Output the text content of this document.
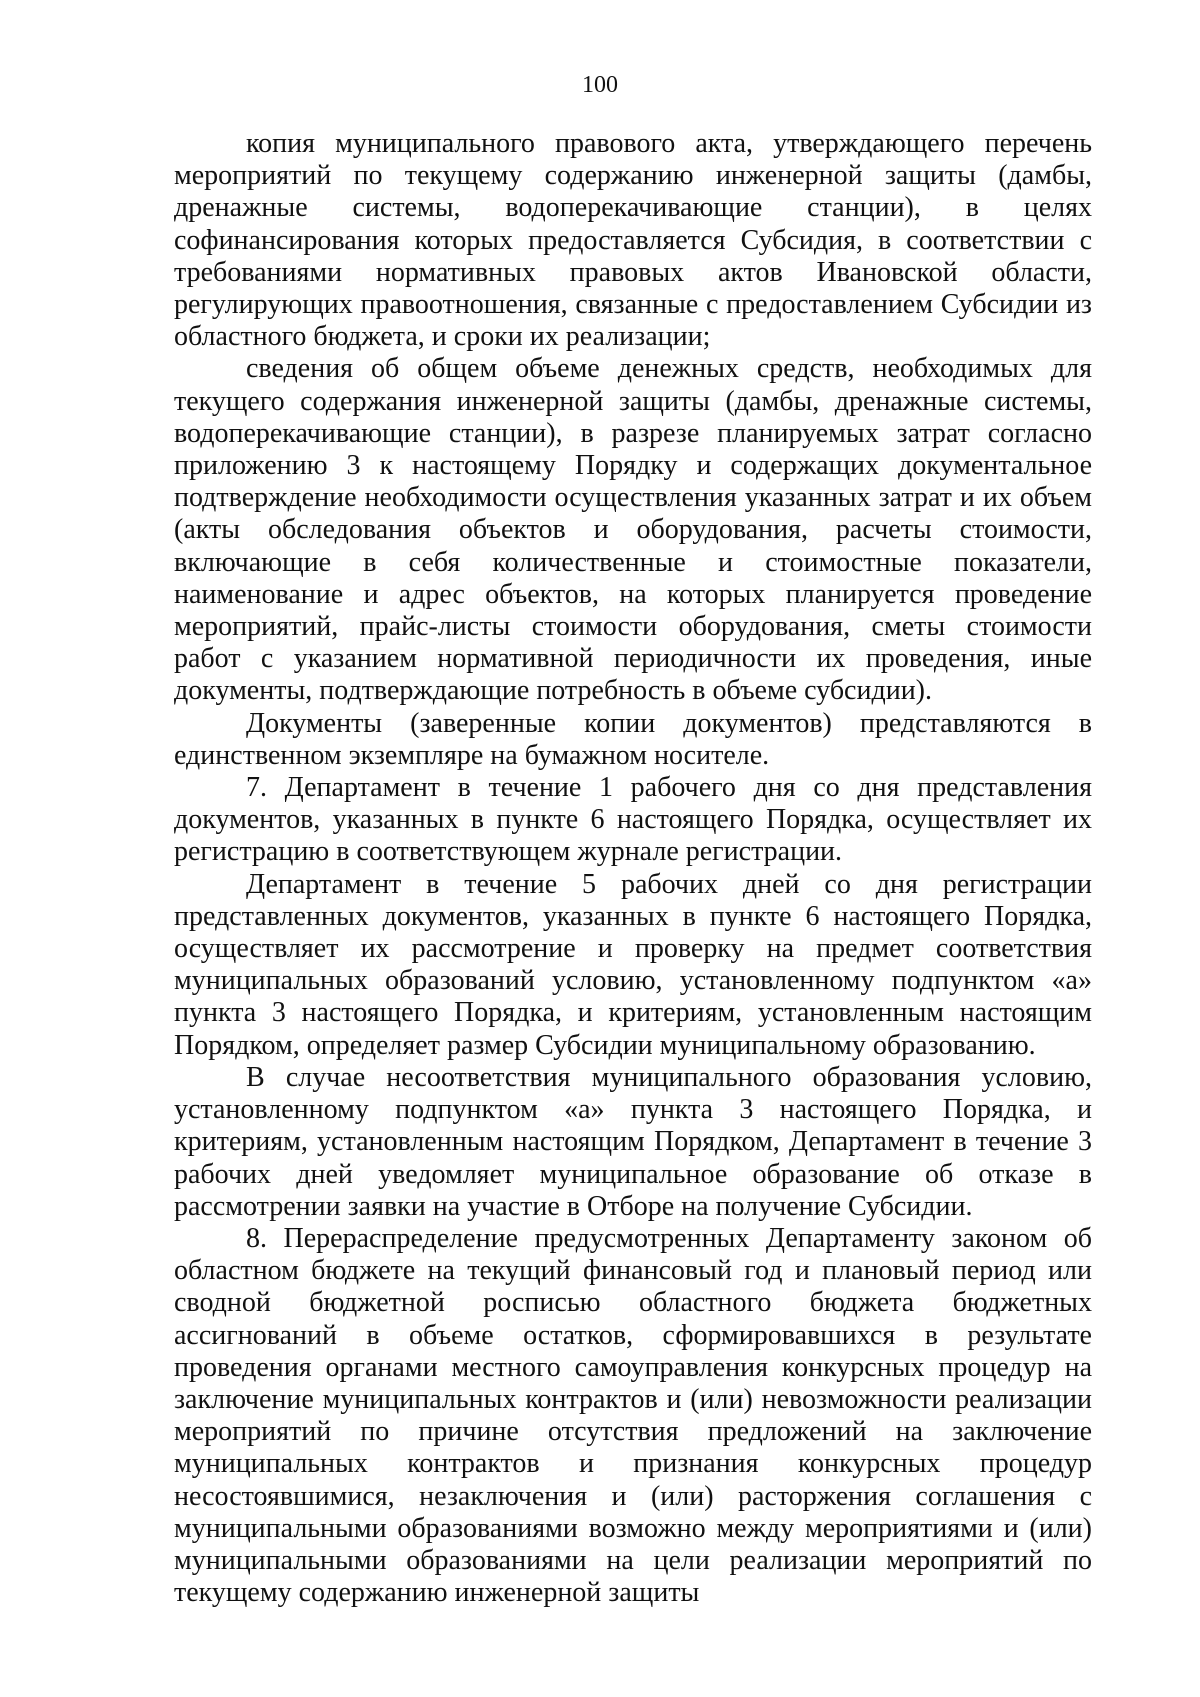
100

копия муниципального правового акта, утверждающего перечень мероприятий по текущему содержанию инженерной защиты (дамбы, дренажные системы, водоперекачивающие станции), в целях софинансирования которых предоставляется Субсидия, в соответствии с требованиями нормативных правовых актов Ивановской области, регулирующих правоотношения, связанные с предоставлением Субсидии из областного бюджета, и сроки их реализации;

сведения об общем объеме денежных средств, необходимых для текущего содержания инженерной защиты (дамбы, дренажные системы, водоперекачивающие станции), в разрезе планируемых затрат согласно приложению 3 к настоящему Порядку и содержащих документальное подтверждение необходимости осуществления указанных затрат и их объем (акты обследования объектов и оборудования, расчеты стоимости, включающие в себя количественные и стоимостные показатели, наименование и адрес объектов, на которых планируется проведение мероприятий, прайс-листы стоимости оборудования, сметы стоимости работ с указанием нормативной периодичности их проведения, иные документы, подтверждающие потребность в объеме субсидии).

Документы (заверенные копии документов) представляются в единственном экземпляре на бумажном носителе.

7. Департамент в течение 1 рабочего дня со дня представления документов, указанных в пункте 6 настоящего Порядка, осуществляет их регистрацию в соответствующем журнале регистрации.

Департамент в течение 5 рабочих дней со дня регистрации представленных документов, указанных в пункте 6 настоящего Порядка, осуществляет их рассмотрение и проверку на предмет соответствия муниципальных образований условию, установленному подпунктом «а» пункта 3 настоящего Порядка, и критериям, установленным настоящим Порядком, определяет размер Субсидии муниципальному образованию.

В случае несоответствия муниципального образования условию, установленному подпунктом «а» пункта 3 настоящего Порядка, и критериям, установленным настоящим Порядком, Департамент в течение 3 рабочих дней уведомляет муниципальное образование об отказе в рассмотрении заявки на участие в Отборе на получение Субсидии.

8. Перераспределение предусмотренных Департаменту законом об областном бюджете на текущий финансовый год и плановый период или сводной бюджетной росписью областного бюджета бюджетных ассигнований в объеме остатков, сформировавшихся в результате проведения органами местного самоуправления конкурсных процедур на заключение муниципальных контрактов и (или) невозможности реализации мероприятий по причине отсутствия предложений на заключение муниципальных контрактов и признания конкурсных процедур несостоявшимися, незаключения и (или) расторжения соглашения с муниципальными образованиями возможно между мероприятиями и (или) муниципальными образованиями на цели реализации мероприятий по текущему содержанию инженерной защиты
